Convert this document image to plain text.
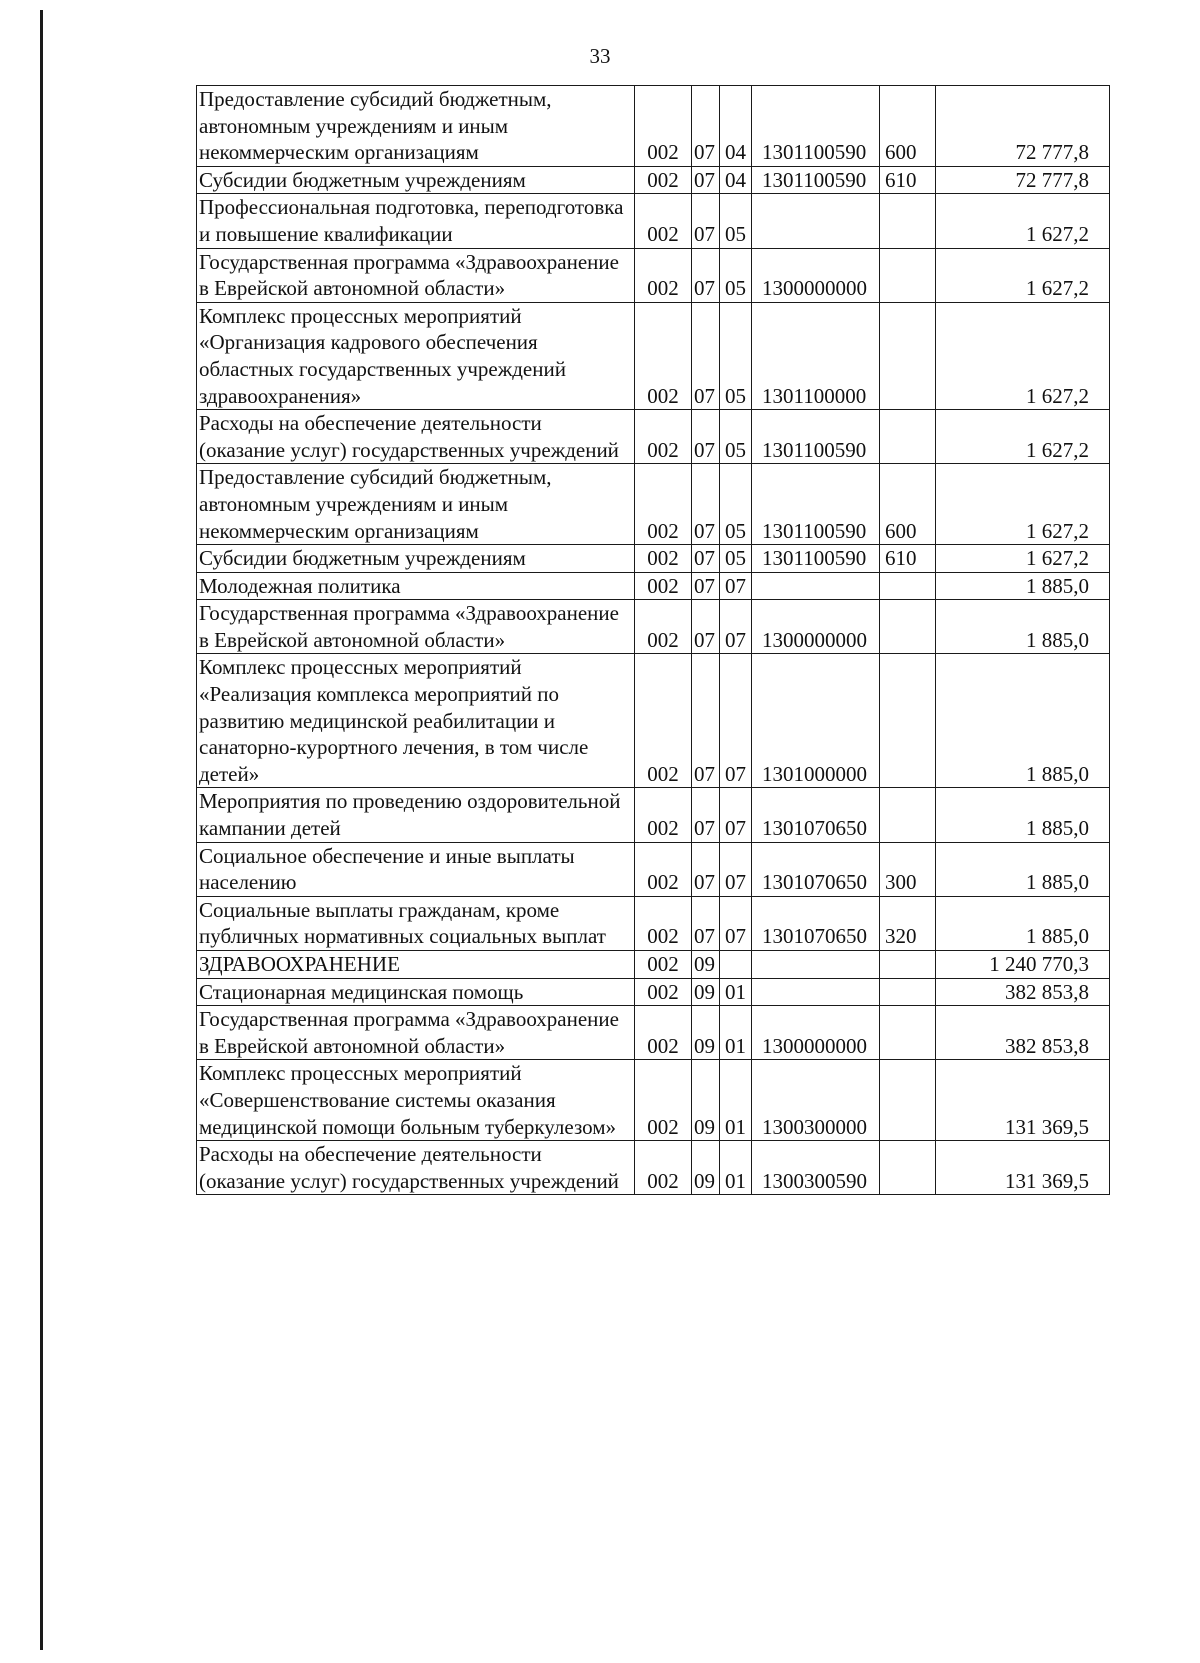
33
Предоставление субсидий бюджетным, автономным учреждениям и иным некоммерческим организациям	002	07	04	1301100590	600	72 777,8
Субсидии бюджетным учреждениям	002	07	04	1301100590	610	72 777,8
Профессиональная подготовка, переподготовка и повышение квалификации	002	07	05			1 627,2
Государственная программа «Здравоохранение в Еврейской автономной области»	002	07	05	1300000000		1 627,2
Комплекс процессных мероприятий «Организация кадрового обеспечения областных государственных учреждений здравоохранения»	002	07	05	1301100000		1 627,2
Расходы на обеспечение деятельности (оказание услуг) государственных учреждений	002	07	05	1301100590		1 627,2
Предоставление субсидий бюджетным, автономным учреждениям и иным некоммерческим организациям	002	07	05	1301100590	600	1 627,2
Субсидии бюджетным учреждениям	002	07	05	1301100590	610	1 627,2
Молодежная политика	002	07	07			1 885,0
Государственная программа «Здравоохранение в Еврейской автономной области»	002	07	07	1300000000		1 885,0
Комплекс процессных мероприятий «Реализация комплекса мероприятий по развитию медицинской реабилитации и санаторно-курортного лечения, в том числе детей»	002	07	07	1301000000		1 885,0
Мероприятия по проведению оздоровительной кампании детей	002	07	07	1301070650		1 885,0
Социальное обеспечение и иные выплаты населению	002	07	07	1301070650	300	1 885,0
Социальные выплаты гражданам, кроме публичных нормативных социальных выплат	002	07	07	1301070650	320	1 885,0
ЗДРАВООХРАНЕНИЕ	002	09				1 240 770,3
Стационарная медицинская помощь	002	09	01			382 853,8
Государственная программа «Здравоохранение в Еврейской автономной области»	002	09	01	1300000000		382 853,8
Комплекс процессных мероприятий «Совершенствование системы оказания медицинской помощи больным туберкулезом»	002	09	01	1300300000		131 369,5
Расходы на обеспечение деятельности (оказание услуг) государственных учреждений	002	09	01	1300300590		131 369,5
